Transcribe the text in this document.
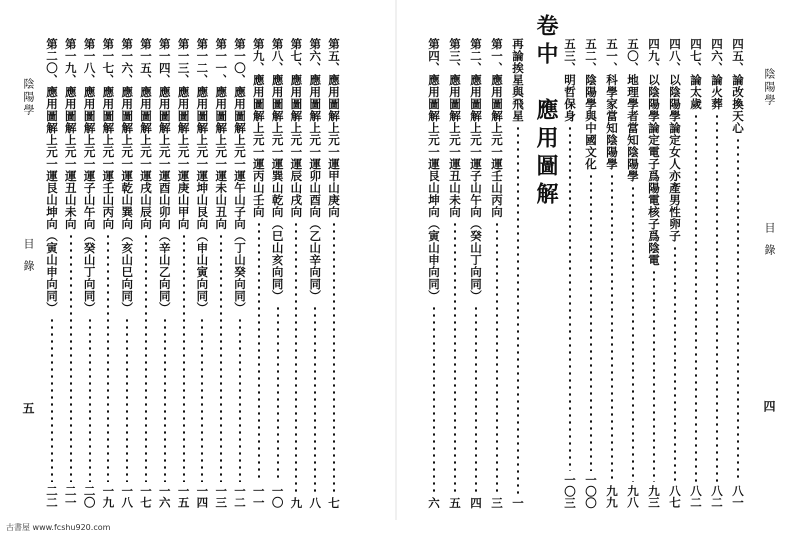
陰陽學
目　錄
五
第五、應用圖解上元一運甲山庚向
七
第六、應用圖解上元一運卯山酉向（乙山辛向同）
八
第七、應用圖解上元一運辰山戌向
九
第八、應用圖解上元一運巽山乾向（巳山亥向同）
一〇
第九、應用圖解上元一運丙山壬向
一一
第一〇、應用圖解上元一運午山子向（丁山癸向同）
一二
第一一、應用圖解上元一運未山丑向
一三
第一二、應用圖解上元一運坤山艮向（申山寅向同）
一四
第一三、應用圖解上元一運庚山甲向
一五
第一四、應用圖解上元一運酉山卯向（辛山乙向同）
一六
第一五、應用圖解上元一運戌山辰向
一七
第一六、應用圖解上元一運乾山巽向（亥山巳向同）
一八
第一七、應用圖解上元一運壬山丙向
一九
第一八、應用圖解上元一運子山午向（癸山丁向同）
二〇
第一九、應用圖解上元一運丑山未向
二一
第二〇、應用圖解上元一運艮山坤向（寅山申向同）
二二
陰陽學
目　錄
四
四五、論改換天心
八一
四六、論火葬
八二
四七、論太歲
八二
四八、以陰陽學論定女人亦產男性卵子
八七
四九、以陰陽學論定電子爲陽電核子爲陰電
九三
五〇、地理學者當知陰陽學
九八
五一、科學家當知陰陽學
九九
五二、陰陽學與中國文化
一〇〇
五三、明哲保身
一〇三
卷中　應用圖解
再論挨星與飛星
一
第一、應用圖解上元一運壬山丙向
三
第二、應用圖解上元一運子山午向（癸山丁向同）
四
第三、應用圖解上元一運丑山未向
五
第四、應用圖解上元一運艮山坤向（寅山申向同）
六
古書屋 www.fcshu920.com
